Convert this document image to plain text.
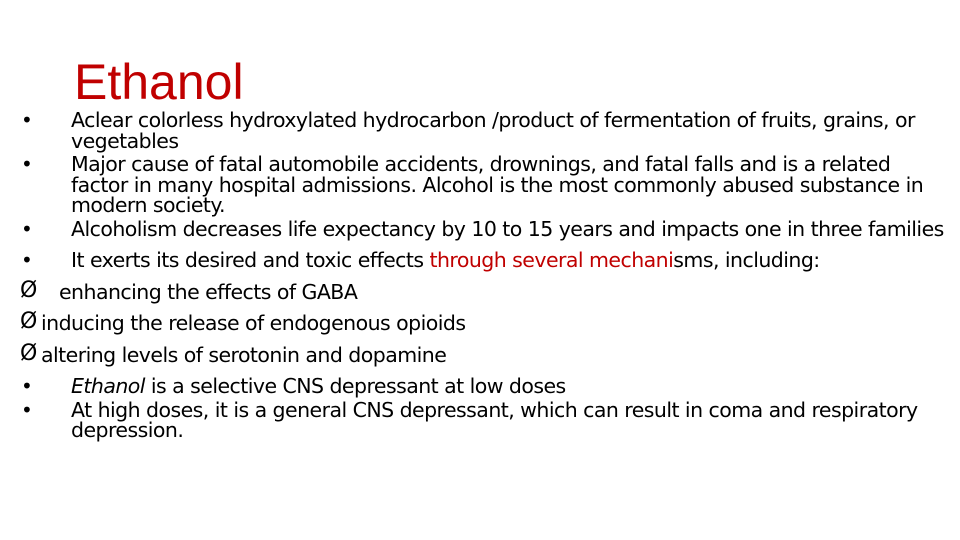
Ethanol
•	Aclear colorless hydroxylated hydrocarbon /product of fermentation of fruits, grains, or vegetables
•	Major cause of fatal automobile accidents, drownings, and fatal falls and is a related factor in many hospital admissions. Alcohol is the most commonly abused substance in modern society.
•	Alcoholism decreases life expectancy by 10 to 15 years and impacts one in three families
•	It exerts its desired and toxic effects through several mechanisms, including:
Ø	enhancing the effects of GABA
Ø inducing the release of endogenous opioids
Ø altering levels of serotonin and dopamine
•	Ethanol is a selective CNS depressant at low doses
•	At high doses, it is a general CNS depressant, which can result in coma and respiratory depression.
